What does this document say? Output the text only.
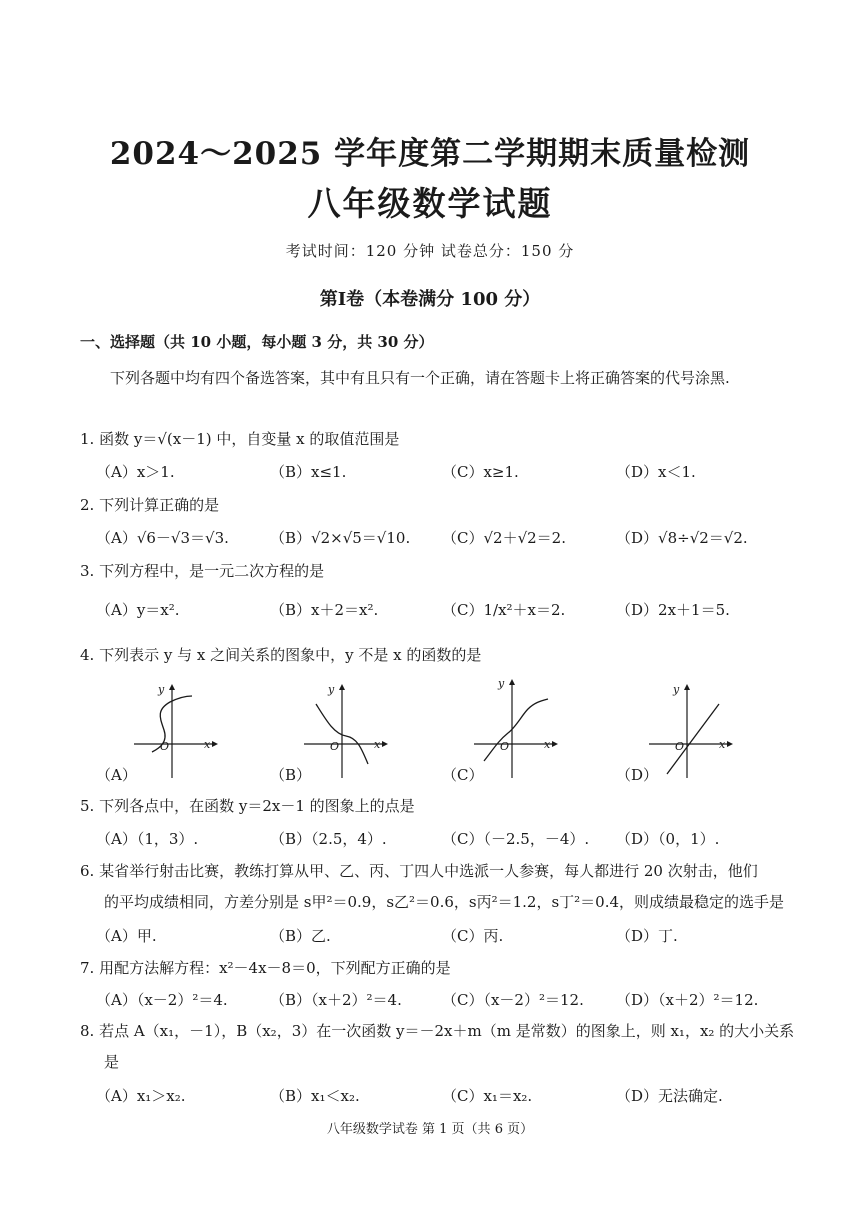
2024～2025 学年度第二学期期末质量检测
八年级数学试题
考试时间：120 分钟 试卷总分：150 分
第Ⅰ卷（本卷满分 100 分）
一、选择题（共 10 小题，每小题 3 分，共 30 分）
下列各题中均有四个备选答案，其中有且只有一个正确，请在答题卡上将正确答案的代号涂黑.
1. 函数 y＝√(x－1) 中，自变量 x 的取值范围是
（A）x＞1.	（B）x≤1.	（C）x≥1.	（D）x＜1.
2. 下列计算正确的是
（A）√6－√3＝√3.	（B）√2×√5＝√10. （C）√2＋√2＝2.	（D）√8÷√2＝√2.
3. 下列方程中，是一元二次方程的是
（A）y＝x².	（B）x＋2＝x².	（C）1/x²＋x＝2.	（D）2x＋1＝5.
4. 下列表示 y 与 x 之间关系的图象中，y 不是 x 的函数的是
y
O	x
（A）
y
O	x
（B）
y
O	x
（C）
y
O	x
（D）
5. 下列各点中，在函数 y＝2x－1 的图象上的点是
（A）（1，3）.	（B）（2.5，4）.	（C）（－2.5，－4）. （D）（0，1）.
6. 某省举行射击比赛，教练打算从甲、乙、丙、丁四人中选派一人参赛，每人都进行 20 次射击，他们
的平均成绩相同，方差分别是 s甲²＝0.9，s乙²＝0.6，s丙²＝1.2，s丁²＝0.4，则成绩最稳定的选手是
（A）甲.	（B）乙.	（C）丙.	（D）丁.
7. 用配方法解方程：x²－4x－8＝0，下列配方正确的是
（A）（x－2）²＝4.	（B）（x＋2）²＝4.	（C）（x－2）²＝12. （D）（x＋2）²＝12.
8. 若点 A（x₁，－1），B（x₂，3）在一次函数 y＝－2x＋m（m 是常数）的图象上，则 x₁，x₂ 的大小关系
是
（A）x₁＞x₂.	（B）x₁＜x₂.	（C）x₁＝x₂.	（D）无法确定.
八年级数学试卷 第 1 页（共 6 页）
